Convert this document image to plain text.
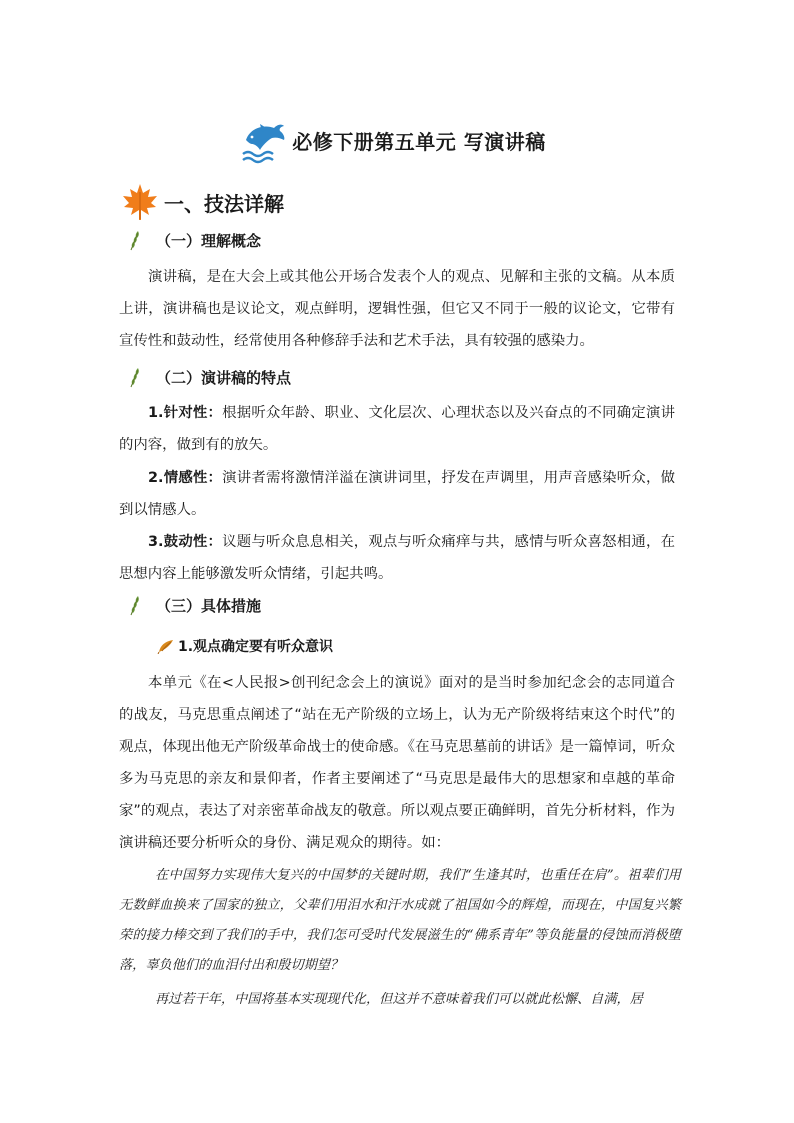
必修下册第五单元 写演讲稿
一、技法详解
（一）理解概念

演讲稿，是在大会上或其他公开场合发表个人的观点、见解和主张的文稿。从本质上讲，演讲稿也是议论文，观点鲜明，逻辑性强，但它又不同于一般的议论文，它带有宣传性和鼓动性，经常使用各种修辞手法和艺术手法，具有较强的感染力。

（二）演讲稿的特点

1.针对性：根据听众年龄、职业、文化层次、心理状态以及兴奋点的不同确定演讲的内容，做到有的放矢。

2.情感性：演讲者需将激情洋溢在演讲词里，抒发在声调里，用声音感染听众，做到以情感人。

3.鼓动性：议题与听众息息相关，观点与听众痛痒与共，感情与听众喜怒相通，在思想内容上能够激发听众情绪，引起共鸣。

（三）具体措施
1.观点确定要有听众意识

本单元《在<人民报>创刊纪念会上的演说》面对的是当时参加纪念会的志同道合的战友，马克思重点阐述了“站在无产阶级的立场上，认为无产阶级将结束这个时代”的观点，体现出他无产阶级革命战士的使命感。《在马克思墓前的讲话》是一篇悼词，听众多为马克思的亲友和景仰者，作者主要阐述了“马克思是最伟大的思想家和卓越的革命家”的观点，表达了对亲密革命战友的敬意。所以观点要正确鲜明，首先分析材料，作为演讲稿还要分析听众的身份、满足观众的期待。如：

在中国努力实现伟大复兴的中国梦的关键时期，我们“生逢其时，也重任在肩”。祖辈们用无数鲜血换来了国家的独立，父辈们用泪水和汗水成就了祖国如今的辉煌，而现在，中国复兴繁荣的接力棒交到了我们的手中，我们怎可受时代发展滋生的“佛系青年”等负能量的侵蚀而消极堕落，辜负他们的血泪付出和殷切期望？

再过若干年，中国将基本实现现代化，但这并不意味着我们可以就此松懈、自满，居
